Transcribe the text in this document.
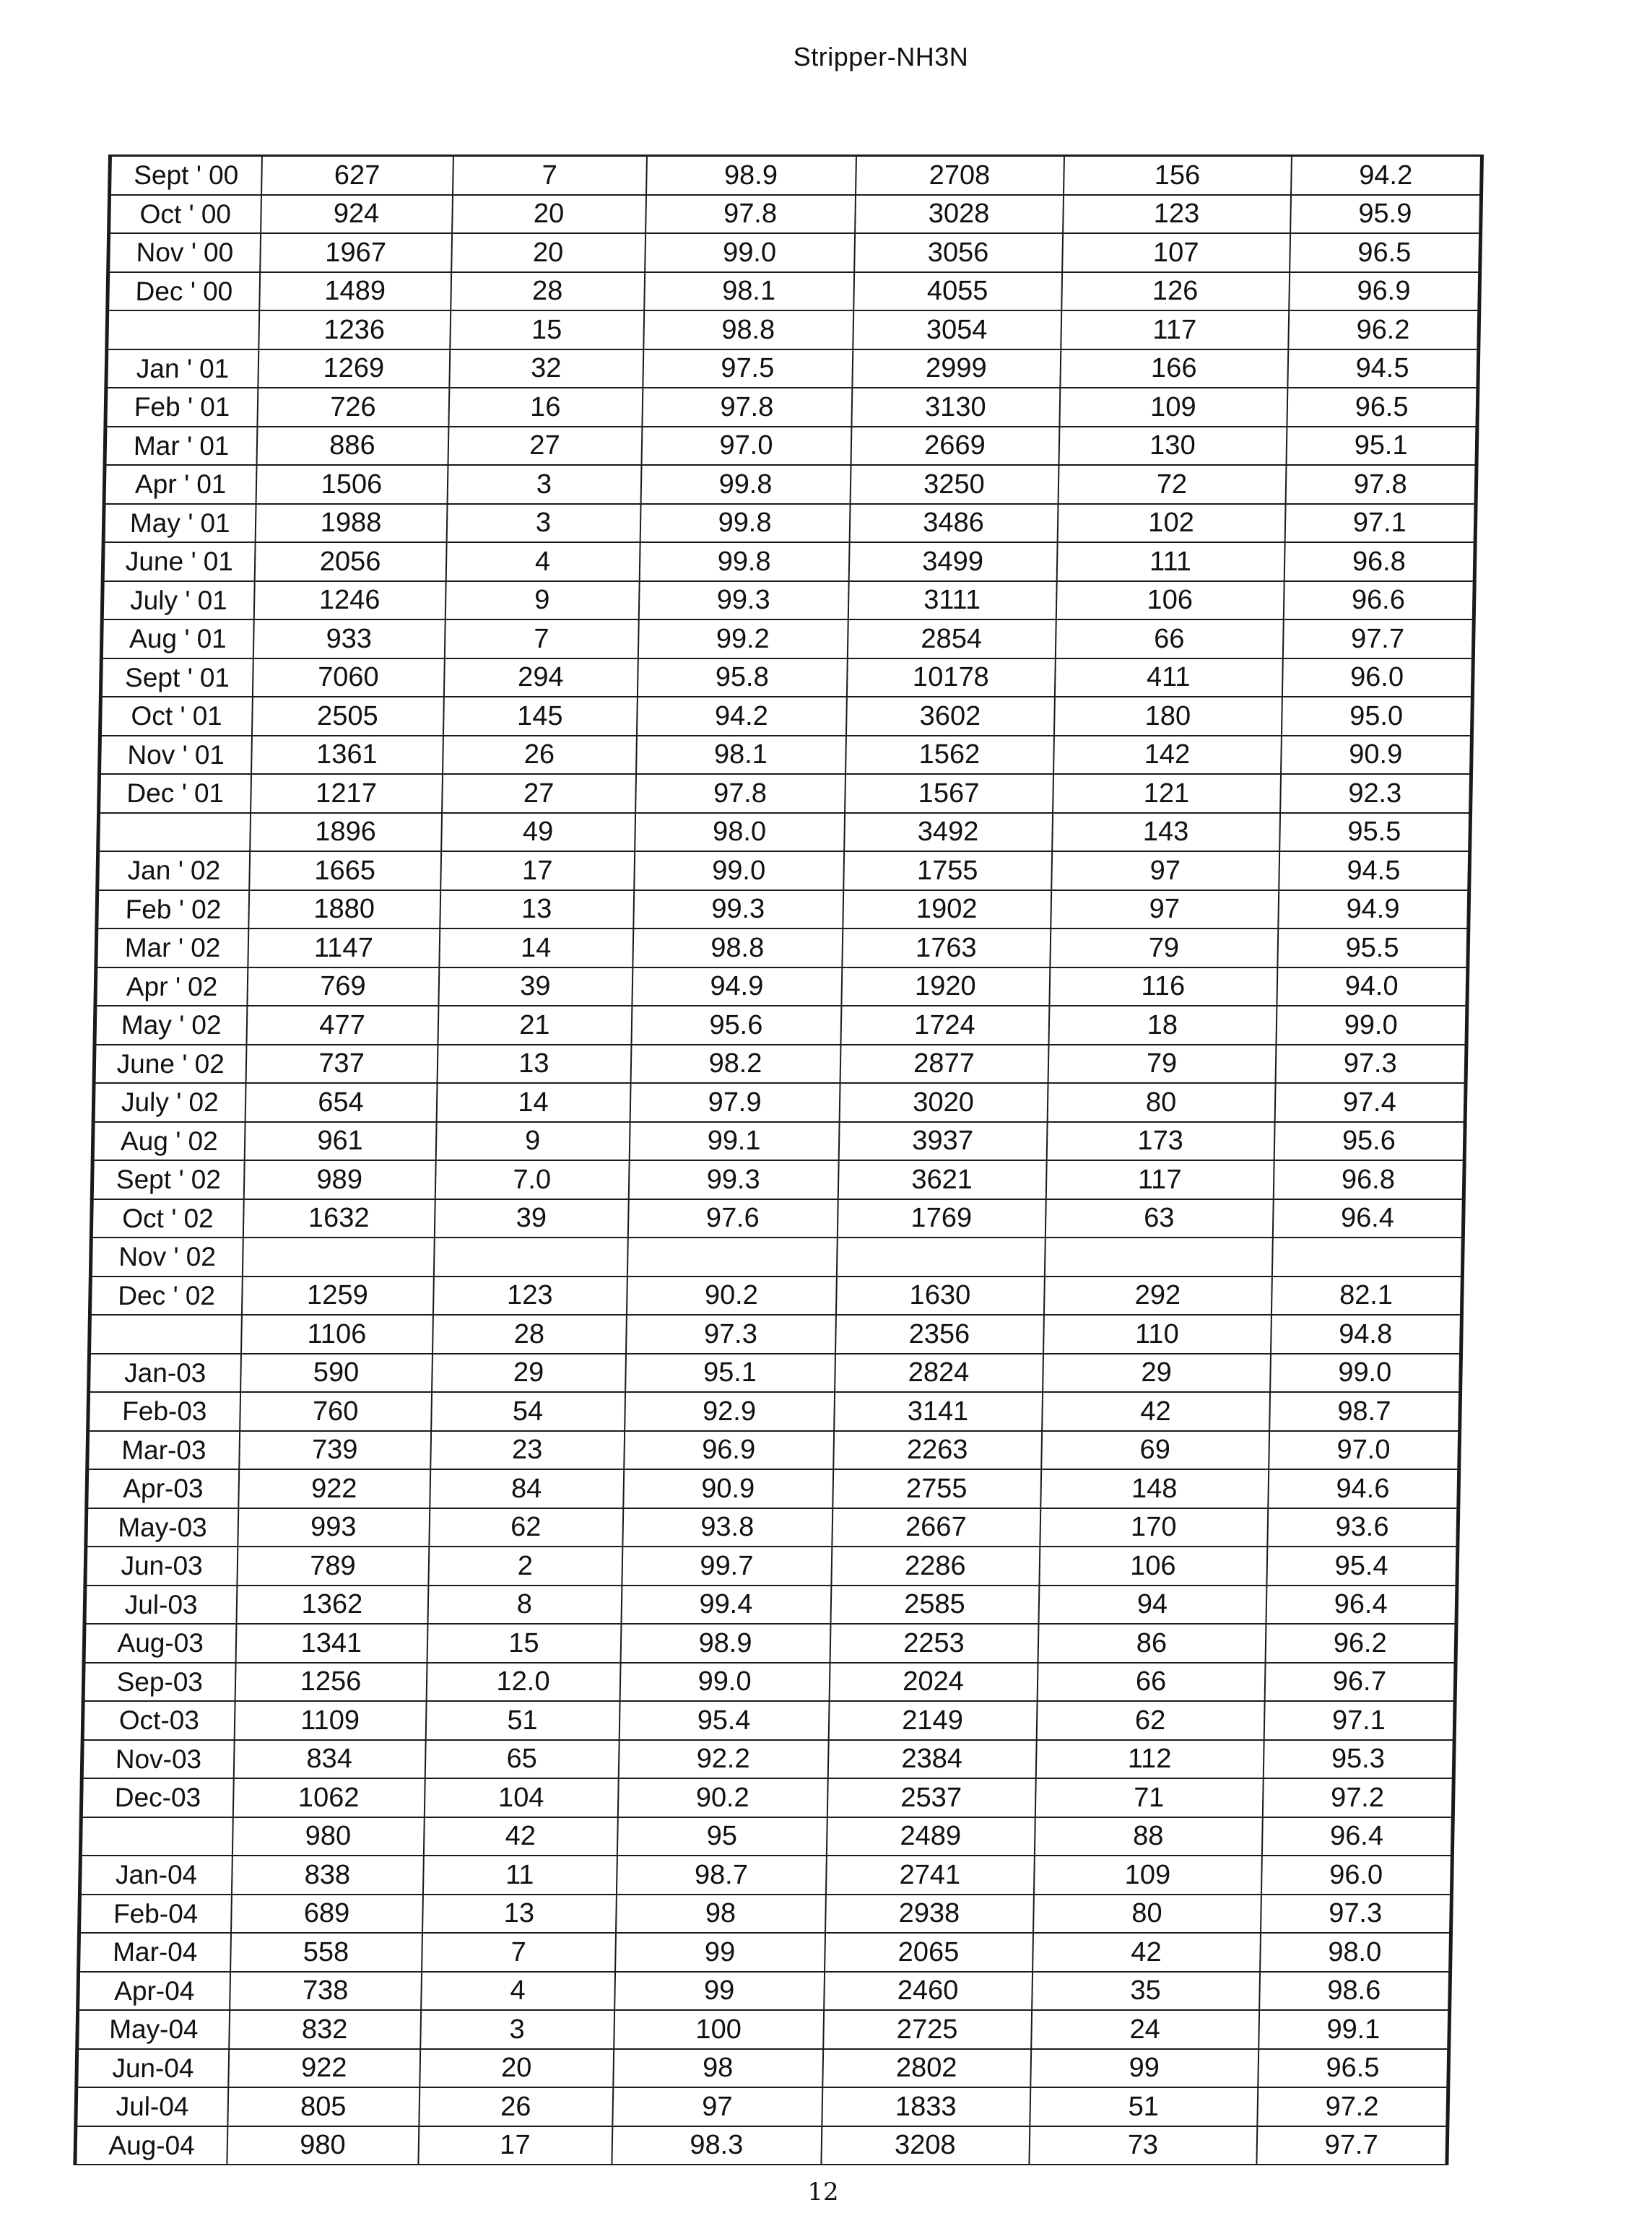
Stripper-NH3N
Sept ' 00	627	7	98.9	2708	156	94.2
Oct ' 00	924	20	97.8	3028	123	95.9
Nov ' 00	1967	20	99.0	3056	107	96.5
Dec ' 00	1489	28	98.1	4055	126	96.9
	1236	15	98.8	3054	117	96.2
Jan ' 01	1269	32	97.5	2999	166	94.5
Feb ' 01	726	16	97.8	3130	109	96.5
Mar ' 01	886	27	97.0	2669	130	95.1
Apr ' 01	1506	3	99.8	3250	72	97.8
May ' 01	1988	3	99.8	3486	102	97.1
June ' 01	2056	4	99.8	3499	111	96.8
July ' 01	1246	9	99.3	3111	106	96.6
Aug ' 01	933	7	99.2	2854	66	97.7
Sept ' 01	7060	294	95.8	10178	411	96.0
Oct ' 01	2505	145	94.2	3602	180	95.0
Nov ' 01	1361	26	98.1	1562	142	90.9
Dec ' 01	1217	27	97.8	1567	121	92.3
	1896	49	98.0	3492	143	95.5
Jan ' 02	1665	17	99.0	1755	97	94.5
Feb ' 02	1880	13	99.3	1902	97	94.9
Mar ' 02	1147	14	98.8	1763	79	95.5
Apr ' 02	769	39	94.9	1920	116	94.0
May ' 02	477	21	95.6	1724	18	99.0
June ' 02	737	13	98.2	2877	79	97.3
July ' 02	654	14	97.9	3020	80	97.4
Aug ' 02	961	9	99.1	3937	173	95.6
Sept ' 02	989	7.0	99.3	3621	117	96.8
Oct ' 02	1632	39	97.6	1769	63	96.4
Nov ' 02						
Dec ' 02	1259	123	90.2	1630	292	82.1
	1106	28	97.3	2356	110	94.8
Jan-03	590	29	95.1	2824	29	99.0
Feb-03	760	54	92.9	3141	42	98.7
Mar-03	739	23	96.9	2263	69	97.0
Apr-03	922	84	90.9	2755	148	94.6
May-03	993	62	93.8	2667	170	93.6
Jun-03	789	2	99.7	2286	106	95.4
Jul-03	1362	8	99.4	2585	94	96.4
Aug-03	1341	15	98.9	2253	86	96.2
Sep-03	1256	12.0	99.0	2024	66	96.7
Oct-03	1109	51	95.4	2149	62	97.1
Nov-03	834	65	92.2	2384	112	95.3
Dec-03	1062	104	90.2	2537	71	97.2
	980	42	95	2489	88	96.4
Jan-04	838	11	98.7	2741	109	96.0
Feb-04	689	13	98	2938	80	97.3
Mar-04	558	7	99	2065	42	98.0
Apr-04	738	4	99	2460	35	98.6
May-04	832	3	100	2725	24	99.1
Jun-04	922	20	98	2802	99	96.5
Jul-04	805	26	97	1833	51	97.2
Aug-04	980	17	98.3	3208	73	97.7
12
